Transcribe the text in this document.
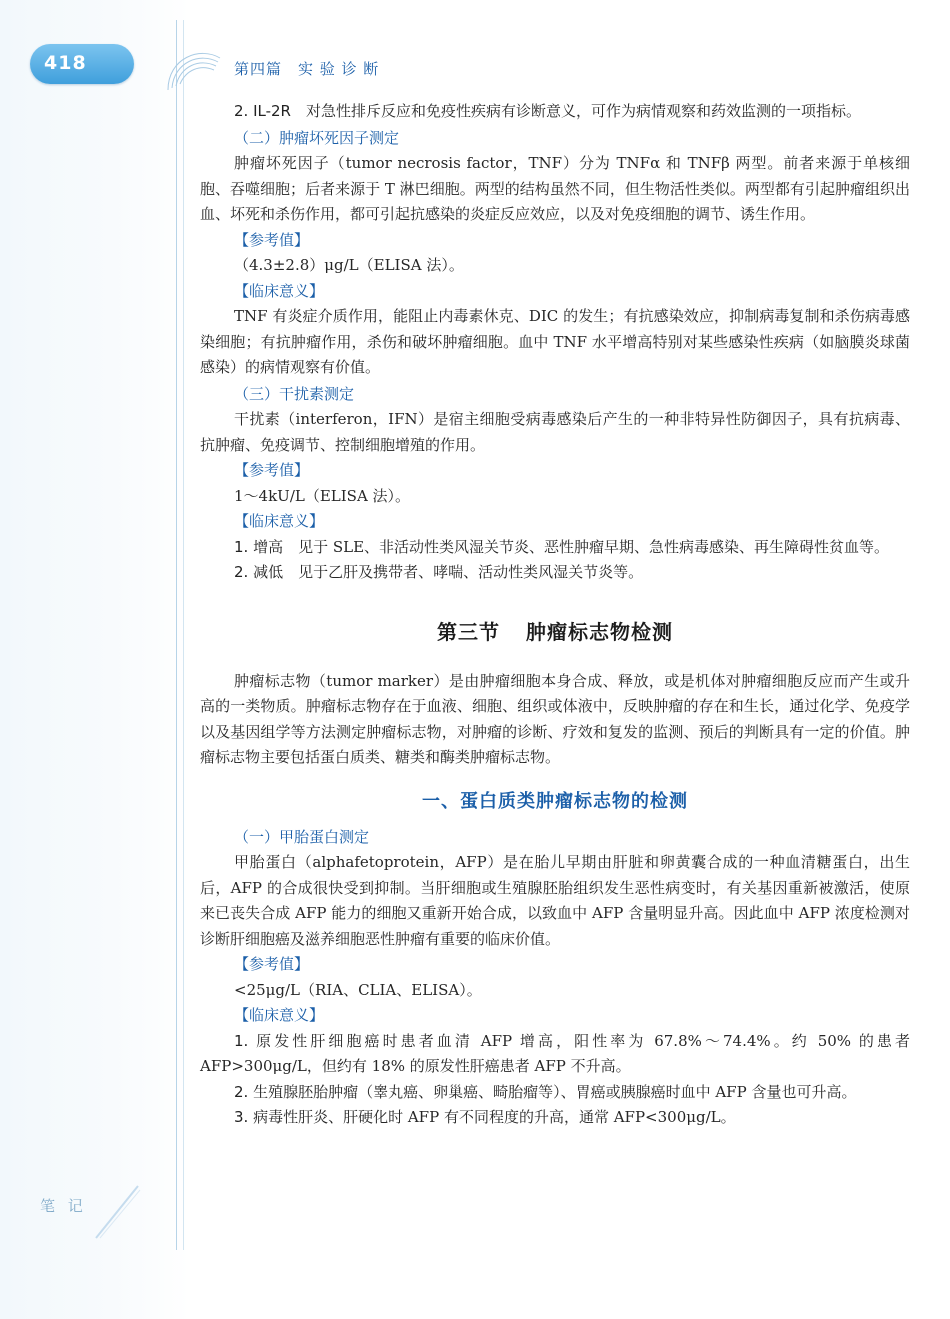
418	第四篇　实 验 诊 断

2. IL-2R　对急性排斥反应和免疫性疾病有诊断意义，可作为病情观察和药效监测的一项指标。

（二）肿瘤坏死因子测定

肿瘤坏死因子（tumor necrosis factor，TNF）分为 TNFα 和 TNFβ 两型。前者来源于单核细胞、吞噬细胞；后者来源于 T 淋巴细胞。两型的结构虽然不同，但生物活性类似。两型都有引起肿瘤组织出血、坏死和杀伤作用，都可引起抗感染的炎症反应效应，以及对免疫细胞的调节、诱生作用。

【参考值】

（4.3±2.8）μg/L（ELISA 法）。

【临床意义】

TNF 有炎症介质作用，能阻止内毒素休克、DIC 的发生；有抗感染效应，抑制病毒复制和杀伤病毒感染细胞；有抗肿瘤作用，杀伤和破坏肿瘤细胞。血中 TNF 水平增高特别对某些感染性疾病（如脑膜炎球菌感染）的病情观察有价值。

（三）干扰素测定

干扰素（interferon，IFN）是宿主细胞受病毒感染后产生的一种非特异性防御因子，具有抗病毒、抗肿瘤、免疫调节、控制细胞增殖的作用。

【参考值】

1～4kU/L（ELISA 法）。

【临床意义】

1. 增高　见于 SLE、非活动性类风湿关节炎、恶性肿瘤早期、急性病毒感染、再生障碍性贫血等。

2. 减低　见于乙肝及携带者、哮喘、活动性类风湿关节炎等。

第三节 肿瘤标志物检测

肿瘤标志物（tumor marker）是由肿瘤细胞本身合成、释放，或是机体对肿瘤细胞反应而产生或升高的一类物质。肿瘤标志物存在于血液、细胞、组织或体液中，反映肿瘤的存在和生长，通过化学、免疫学以及基因组学等方法测定肿瘤标志物，对肿瘤的诊断、疗效和复发的监测、预后的判断具有一定的价值。肿瘤标志物主要包括蛋白质类、糖类和酶类肿瘤标志物。

一、蛋白质类肿瘤标志物的检测
（一）甲胎蛋白测定

甲胎蛋白（alphafetoprotein，AFP）是在胎儿早期由肝脏和卵黄囊合成的一种血清糖蛋白，出生后，AFP 的合成很快受到抑制。当肝细胞或生殖腺胚胎组织发生恶性病变时，有关基因重新被激活，使原来已丧失合成 AFP 能力的细胞又重新开始合成，以致血中 AFP 含量明显升高。因此血中 AFP 浓度检测对诊断肝细胞癌及滋养细胞恶性肿瘤有重要的临床价值。

【参考值】

<25μg/L（RIA、CLIA、ELISA）。

【临床意义】

1. 原发性肝细胞癌时患者血清 AFP 增高，阳性率为 67.8%～74.4%。约 50% 的患者 AFP>300μg/L，但约有 18% 的原发性肝癌患者 AFP 不升高。

2. 生殖腺胚胎肿瘤（睾丸癌、卵巢癌、畸胎瘤等）、胃癌或胰腺癌时血中 AFP 含量也可升高。

3. 病毒性肝炎、肝硬化时 AFP 有不同程度的升高，通常 AFP<300μg/L。

笔 记
